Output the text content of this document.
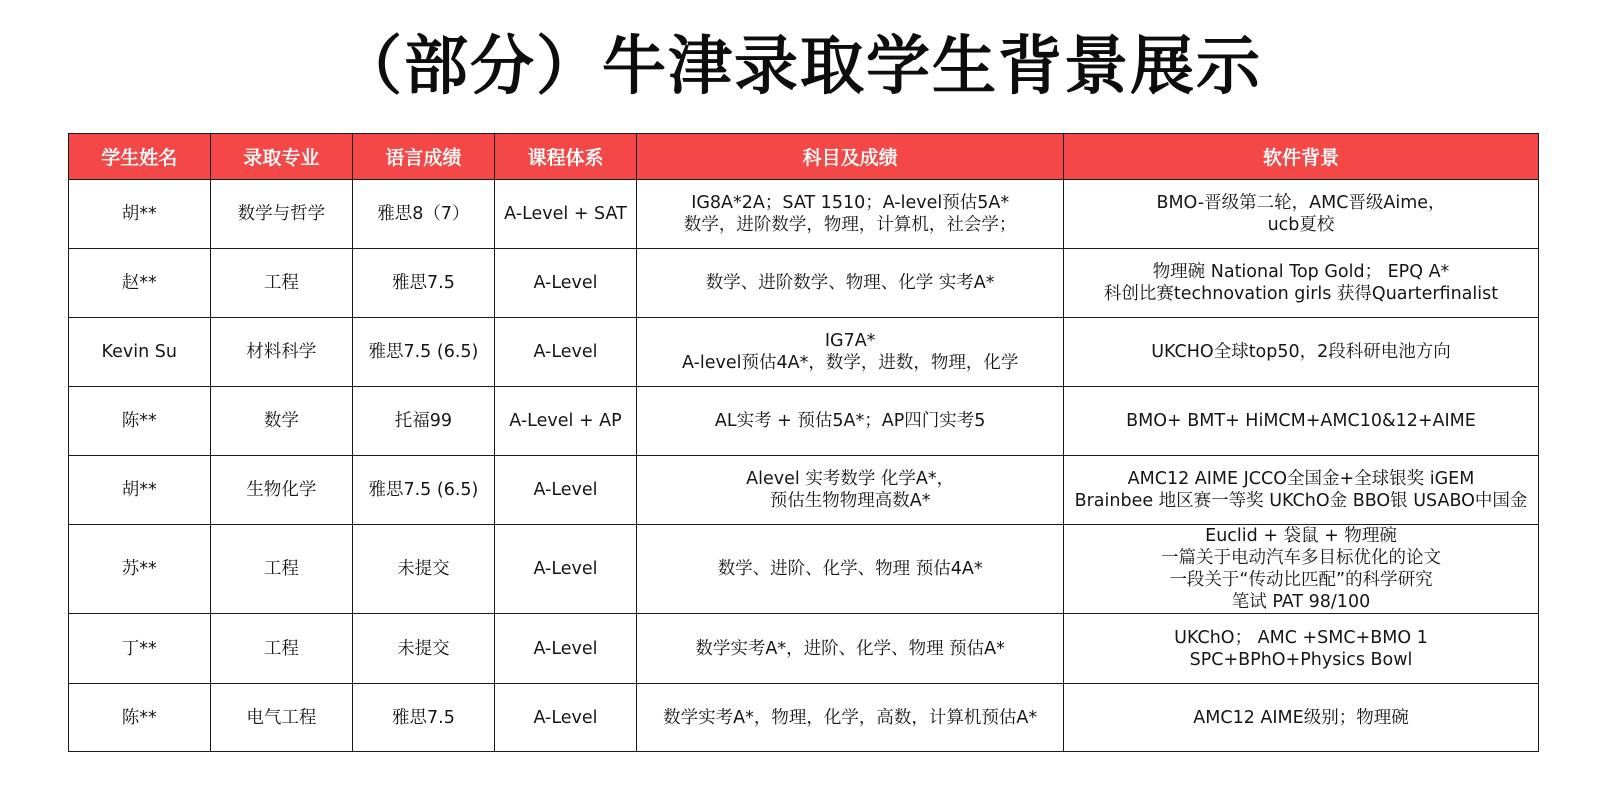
（部分）牛津录取学生背景展示
学生姓名	录取专业	语言成绩	课程体系	科目及成绩	软件背景
胡**	数学与哲学	雅思8（7）	A-Level + SAT	IG8A*2A；SAT 1510；A-level预估5A*
数学，进阶数学，物理，计算机，社会学；	BMO-晋级第二轮，AMC晋级Aime，
ucb夏校

赵**	工程	雅思7.5	A-Level	数学、进阶数学、物理、化学 实考A*	物理碗 National Top Gold； EPQ A*
科创比赛technovation girls 获得Quarterfinalist

Kevin Su	材料科学	雅思7.5 (6.5)	A-Level	IG7A*
A-level预估4A*，数学，进数，物理，化学	UKCHO全球top50，2段科研电池方向

陈**	数学	托福99	A-Level + AP	AL实考 + 预估5A*；AP四门实考5	BMO+ BMT+ HiMCM+AMC10&12+AIME

胡**	生物化学	雅思7.5 (6.5)	A-Level	Alevel 实考数学 化学A*，
预估生物物理高数A*	AMC12 AIME JCCO全国金+全球银奖 iGEM
Brainbee 地区赛一等奖 UKChO金 BBO银 USABO中国金

苏**	工程	未提交	A-Level	数学、进阶、化学、物理 预估4A*	Euclid + 袋鼠 + 物理碗
一篇关于电动汽车多目标优化的论文
一段关于“传动比匹配”的科学研究
笔试 PAT 98/100

丁**	工程	未提交	A-Level	数学实考A*，进阶、化学、物理 预估A*	UKChO； AMC +SMC+BMO 1
SPC+BPhO+Physics Bowl

陈**	电气工程	雅思7.5	A-Level	数学实考A*，物理，化学，高数，计算机预估A*	AMC12 AIME级别；物理碗
